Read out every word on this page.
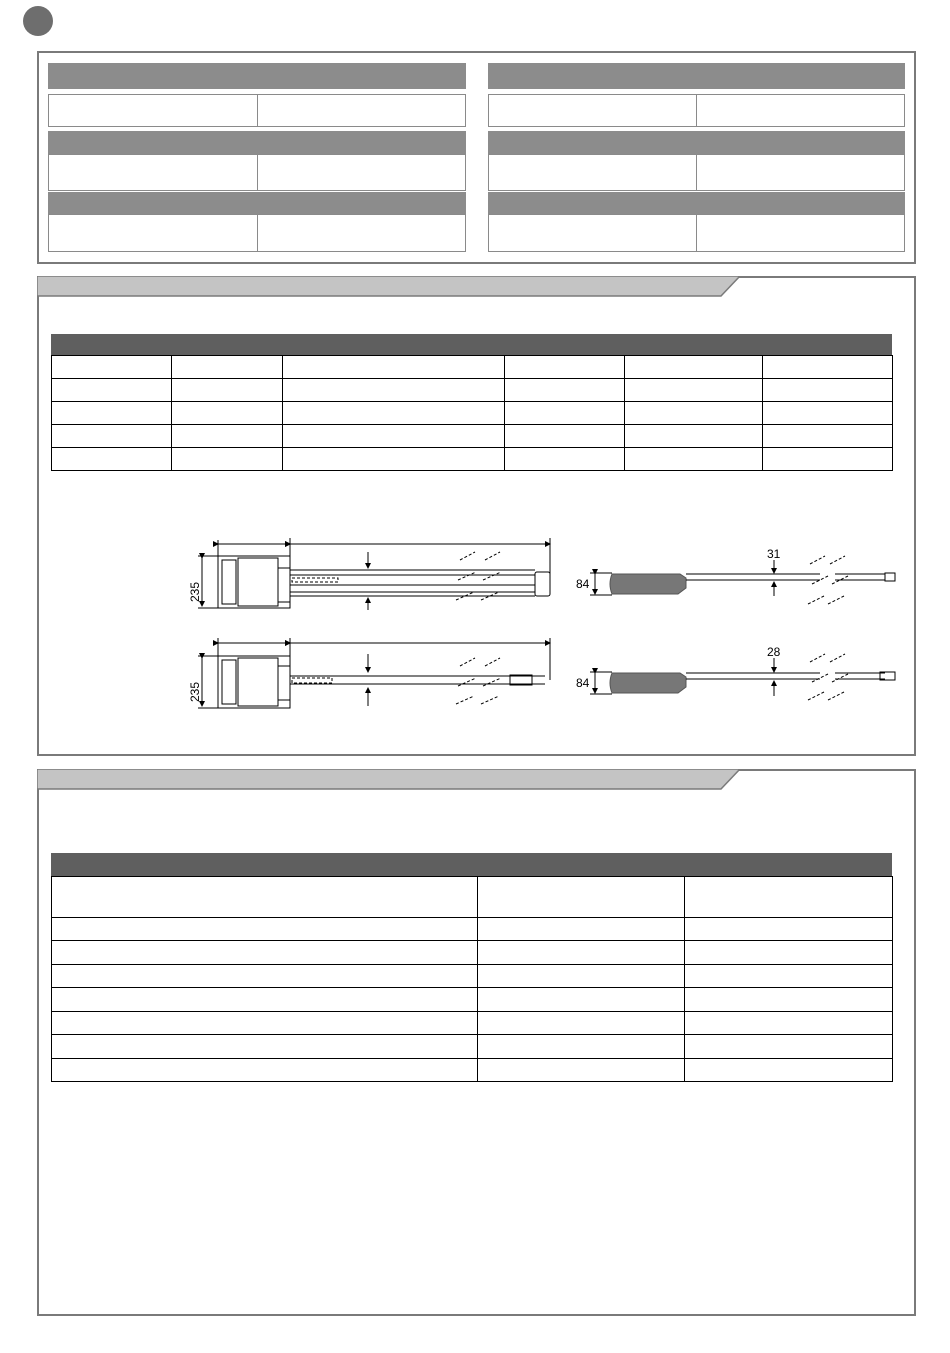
235
235
84
84
31
28
